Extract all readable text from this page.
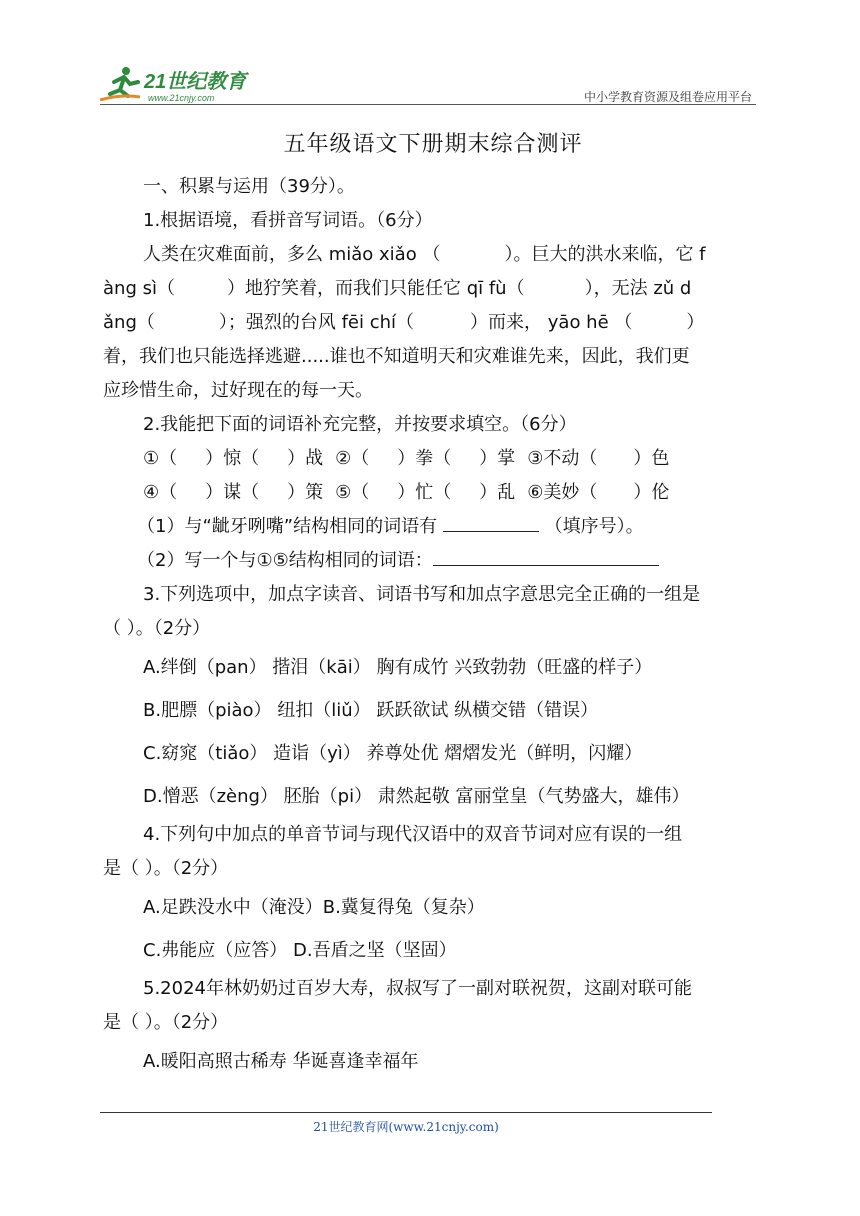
21世纪教育
www.21cnjy.com	中小学教育资源及组卷应用平台
五年级语文下册期末综合测评
一、积累与运用（39分）。
1.根据语境，看拼音写词语。（6分）
人类在灾难面前，多么 miǎo xiǎo （	）。巨大的洪水来临，它 f
àng sì（	）地狞笑着，而我们只能任它 qī fù（	），无法 zǔ d
ǎng（	）；强烈的台风 fēi chí（	）而来， yāo hē （	）
着，我们也只能选择逃避.....谁也不知道明天和灾难谁先来，因此，我们更
应珍惜生命，过好现在的每一天。
2.我能把下面的词语补充完整，并按要求填空。（6分）
①（ ）惊（ ）战 ②（ ）拳（ ）掌 ③不动（ ）色
④（ ）谋（ ）策 ⑤（ ）忙（ ）乱 ⑥美妙（ ）伦
（1）与“龇牙咧嘴”结构相同的词语有	（填序号）。
（2）写一个与①⑤结构相同的词语：
3.下列选项中，加点字读音、词语书写和加点字意思完全正确的一组是
（ ）。（2分）
A.绊倒（pan） 揩泪（kāi） 胸有成竹 兴致勃勃（旺盛的样子）
B.肥膘（piào） 纽扣（liǔ） 跃跃欲试 纵横交错（错误）
C.窈窕（tiǎo） 造诣（yì） 养尊处优 熠熠发光（鲜明，闪耀）
D.憎恶（zèng） 胚胎（pi） 肃然起敬 富丽堂皇（气势盛大，雄伟）
4.下列句中加点的单音节词与现代汉语中的双音节词对应有误的一组
是（ ）。（2分）
A.足跌没水中（淹没）B.冀复得兔（复杂）
C.弗能应（应答） D.吾盾之坚（坚固）
5.2024年林奶奶过百岁大寿，叔叔写了一副对联祝贺，这副对联可能
是（ ）。（2分）
A.暖阳高照古稀寿 华诞喜逢幸福年
21世纪教育网(www.21cnjy.com)
